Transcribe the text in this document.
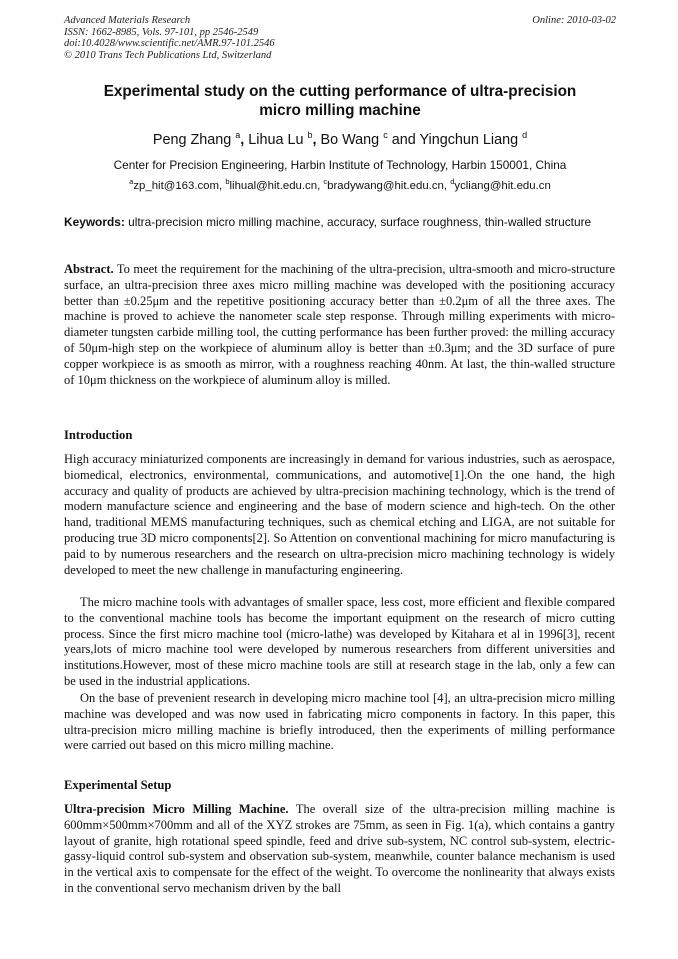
Advanced Materials Research
ISSN: 1662-8985, Vols. 97-101, pp 2546-2549
doi:10.4028/www.scientific.net/AMR.97-101.2546
© 2010 Trans Tech Publications Ltd, Switzerland
Online: 2010-03-02
Experimental study on the cutting performance of ultra-precision
micro milling machine
Peng Zhang $^a$, Lihua Lu $^b$, Bo Wang $^c$ and Yingchun Liang $^d$
Center for Precision Engineering, Harbin Institute of Technology, Harbin 150001, China
$^a$zp_hit@163.com, $^b$lihual@hit.edu.cn, $^c$bradywang@hit.edu.cn, $^d$ycliang@hit.edu.cn
Keywords: ultra-precision micro milling machine, accuracy, surface roughness, thin-walled structure
Abstract. To meet the requirement for the machining of the ultra-precision, ultra-smooth and micro-structure surface, an ultra-precision three axes micro milling machine was developed with the positioning accuracy better than ±0.25μm and the repetitive positioning accuracy better than ±0.2μm of all the three axes. The machine is proved to achieve the nanometer scale step response. Through milling experiments with micro-diameter tungsten carbide milling tool, the cutting performance has been further proved: the milling accuracy of 50μm-high step on the workpiece of aluminum alloy is better than ±0.3μm; and the 3D surface of pure copper workpiece is as smooth as mirror, with a roughness reaching 40nm. At last, the thin-walled structure of 10μm thickness on the workpiece of aluminum alloy is milled.
Introduction
High accuracy miniaturized components are increasingly in demand for various industries, such as aerospace, biomedical, electronics, environmental, communications, and automotive[1].On the one hand, the high accuracy and quality of products are achieved by ultra-precision machining technology, which is the trend of modern manufacture science and engineering and the base of modern science and high-tech. On the other hand, traditional MEMS manufacturing techniques, such as chemical etching and LIGA, are not suitable for producing true 3D micro components[2]. So Attention on conventional machining for micro manufacturing is paid to by numerous researchers and the research on ultra-precision micro machining technology is widely developed to meet the new challenge in manufacturing engineering.
The micro machine tools with advantages of smaller space, less cost, more efficient and flexible compared to the conventional machine tools has become the important equipment on the research of micro cutting process. Since the first micro machine tool (micro-lathe) was developed by Kitahara et al in 1996[3], recent years,lots of micro machine tool were developed by numerous researchers from different universities and institutions.However, most of these micro machine tools are still at research stage in the lab, only a few can be used in the industrial applications.
On the base of prevenient research in developing micro machine tool [4], an ultra-precision micro milling machine was developed and was now used in fabricating micro components in factory. In this paper, this ultra-precision micro milling machine is briefly introduced, then the experiments of milling performance were carried out based on this micro milling machine.
Experimental Setup
Ultra-precision Micro Milling Machine. The overall size of the ultra-precision milling machine is 600mm×500mm×700mm and all of the XYZ strokes are 75mm, as seen in Fig. 1(a), which contains a gantry layout of granite, high rotational speed spindle, feed and drive sub-system, NC control sub-system, electric-gassy-liquid control sub-system and observation sub-system, meanwhile, counter balance mechanism is used in the vertical axis to compensate for the effect of the weight. To overcome the nonlinearity that always exists in the conventional servo mechanism driven by the ball
